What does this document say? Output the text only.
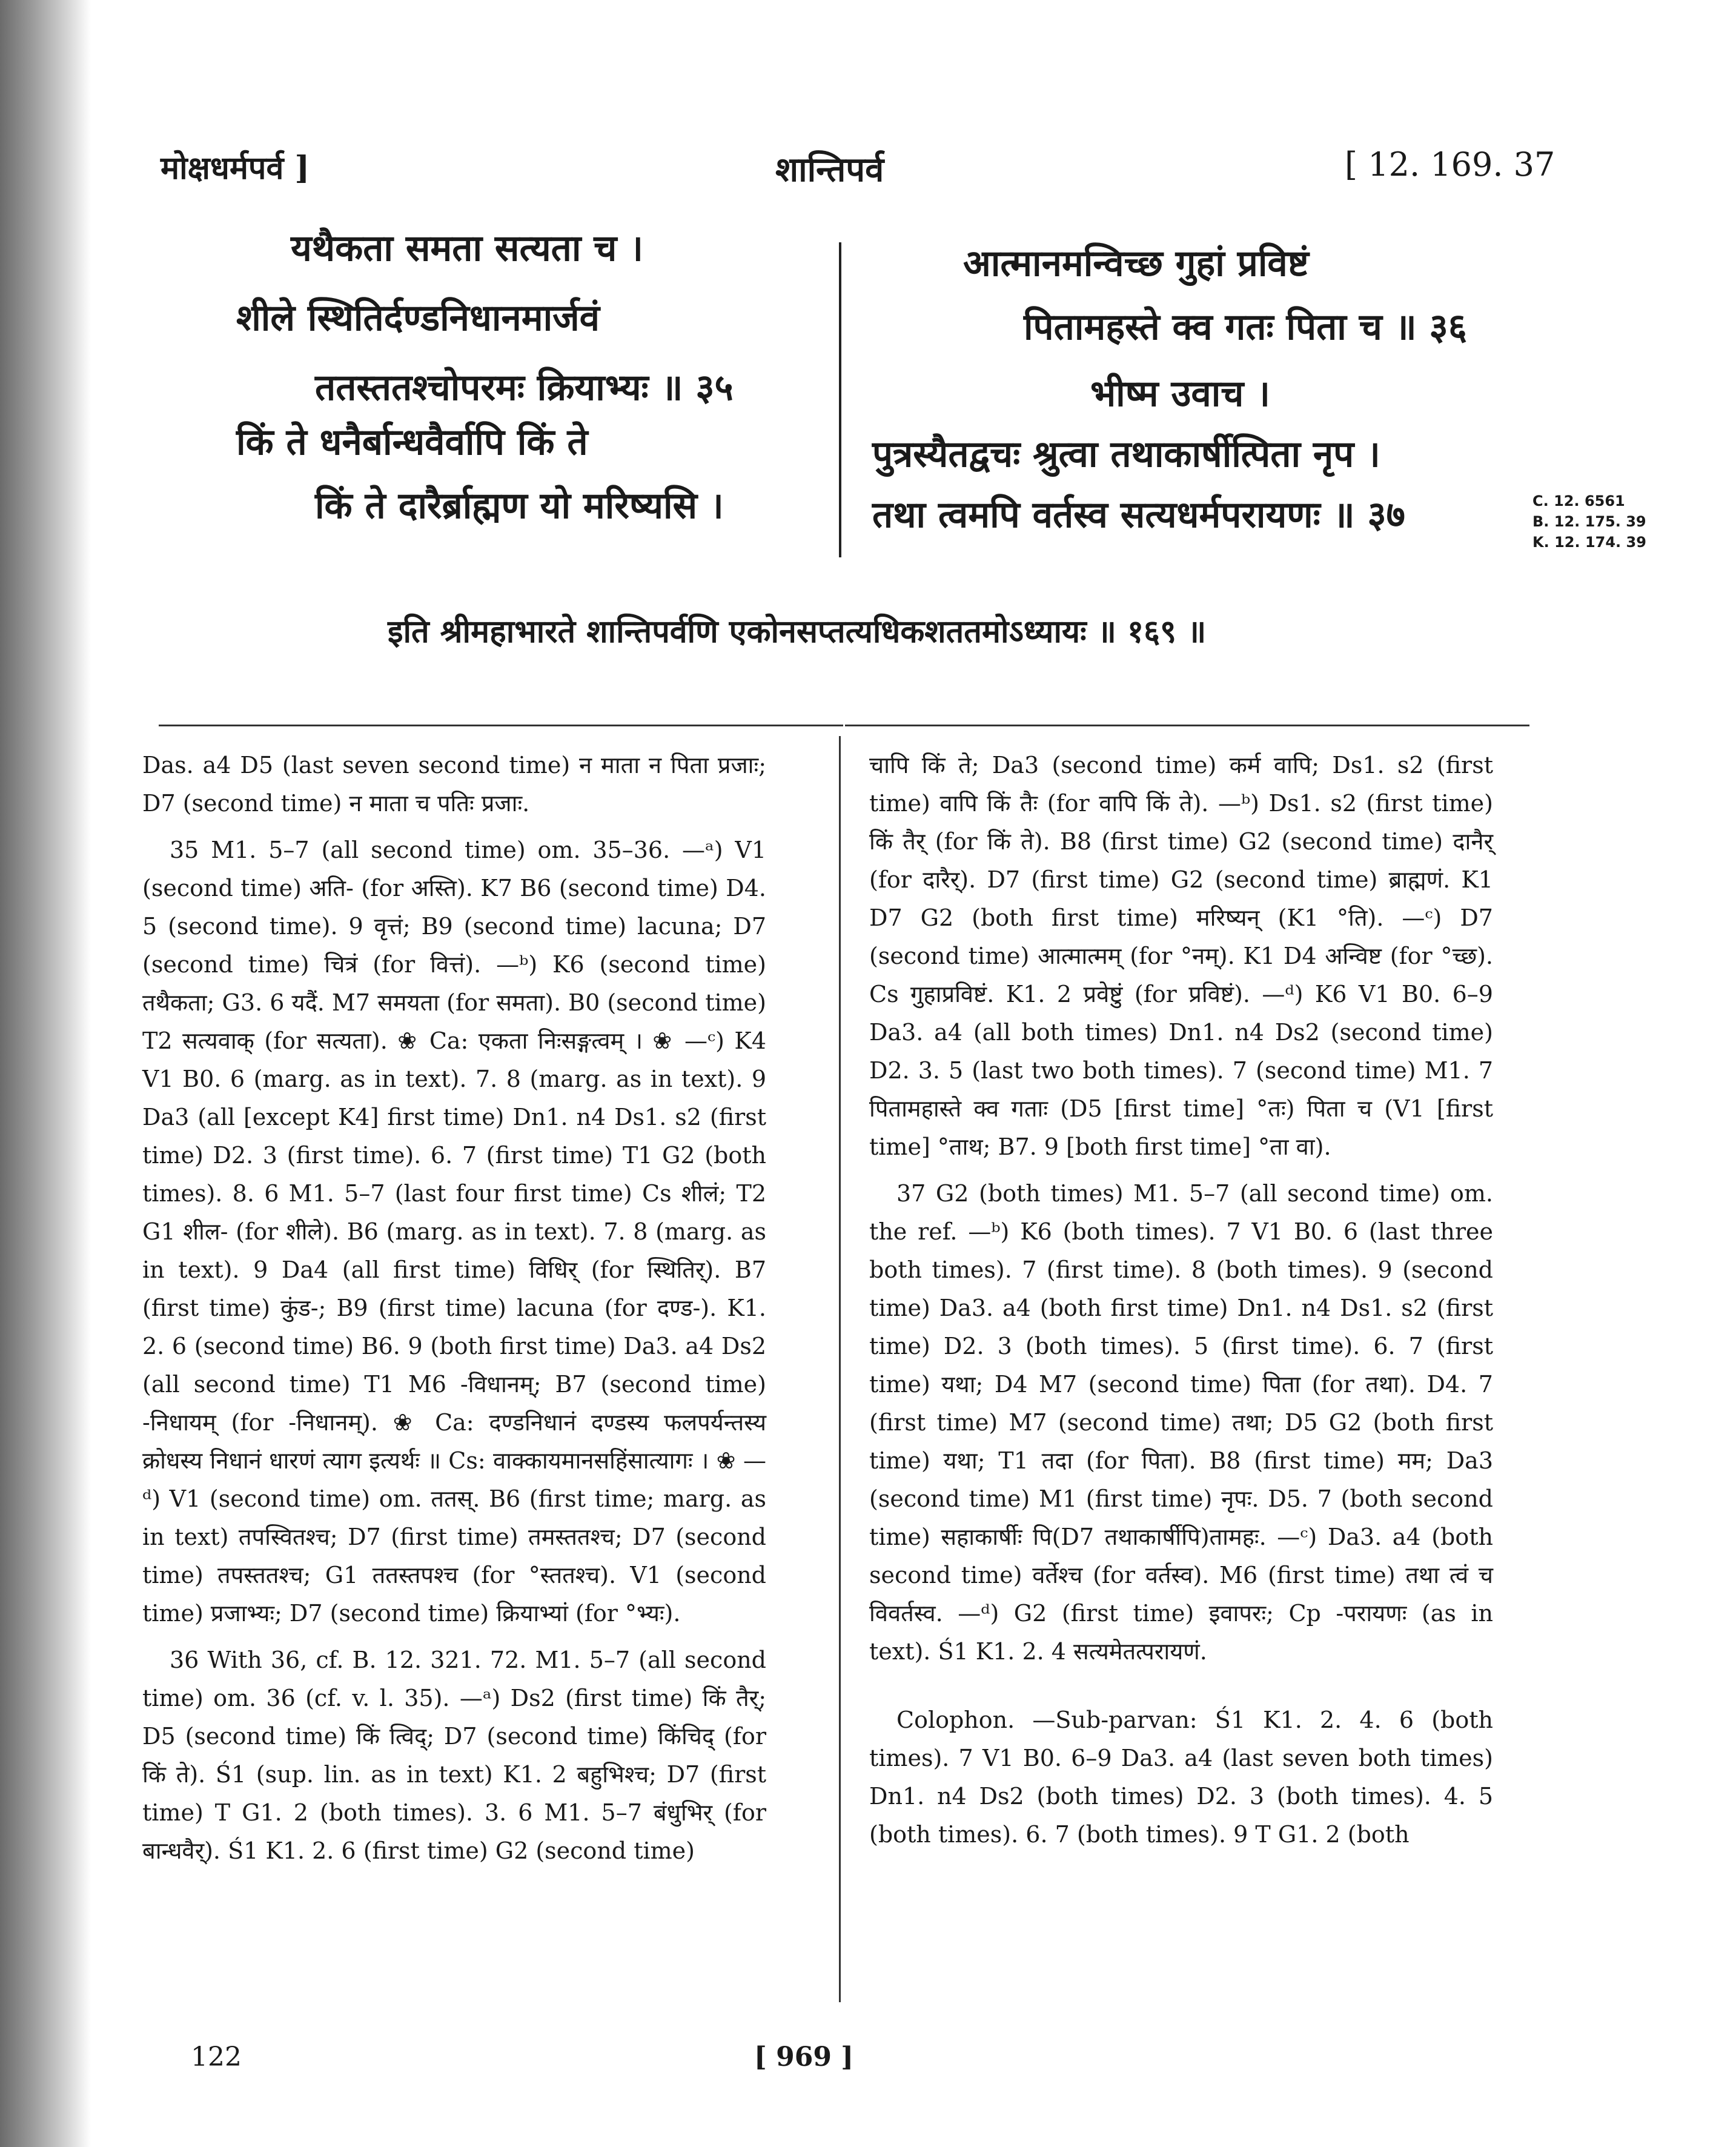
मोक्षधर्मपर्व ]	शान्तिपर्व	[ 12. 169. 37
यथैकता समता सत्यता च ।
शीले स्थितिर्दण्डनिधानमार्जवं
ततस्ततश्चोपरमः क्रियाभ्यः ॥ ३५
किं ते धनैर्बान्धवैर्वापि किं ते
किं ते दारैर्ब्राह्मण यो मरिष्यसि ।
आत्मानमन्विच्छ गुहां प्रविष्टं
पितामहस्ते क्व गतः पिता च ॥ ३६
भीष्म उवाच ।
पुत्रस्यैतद्वचः श्रुत्वा तथाकार्षीत्पिता नृप ।
तथा त्वमपि वर्तस्व सत्यधर्मपरायणः ॥ ३७	C. 12. 6561
B. 12. 175. 39
K. 12. 174. 39
इति श्रीमहाभारते शान्तिपर्वणि एकोनसप्तत्यधिकशततमोऽध्यायः ॥ १६९ ॥

Das. a4 D5 (last seven second time) न माता न पिता प्रजाः; D7 (second time) न माता च पतिः प्रजाः.

35 M1. 5–7 (all second time) om. 35–36. —ᵃ) V1 (second time) अति- (for अस्ति). K7 B6 (second time) D4. 5 (second time). 9 वृत्तं; B9 (second time) lacuna; D7 (second time) चित्रं (for वित्तं). —ᵇ) K6 (second time) तथैकता; G3. 6 यदैं. M7 समयता (for समता). B0 (second time) T2 सत्यवाक् (for सत्यता). ❀ Ca: एकता निःसङ्गत्वम् । ❀ —ᶜ) K4 V1 B0. 6 (marg. as in text). 7. 8 (marg. as in text). 9 Da3 (all [except K4] first time) Dn1. n4 Ds1. s2 (first time) D2. 3 (first time). 6. 7 (first time) T1 G2 (both times). 8. 6 M1. 5–7 (last four first time) Cs शीलं; T2 G1 शील- (for शीले). B6 (marg. as in text). 7. 8 (marg. as in text). 9 Da4 (all first time) विधिर् (for स्थितिर्). B7 (first time) कुंड-; B9 (first time) lacuna (for दण्ड-). K1. 2. 6 (second time) B6. 9 (both first time) Da3. a4 Ds2 (all second time) T1 M6 -विधानम्; B7 (second time) -निधायम् (for -निधानम्). ❀ Ca: दण्डनिधानं दण्डस्य फलपर्यन्तस्य क्रोधस्य निधानं धारणं त्याग इत्यर्थः ॥ Cs: वाक्कायमानसहिंसात्यागः । ❀ —ᵈ) V1 (second time) om. ततस्. B6 (first time; marg. as in text) तपस्वितश्च; D7 (first time) तमस्ततश्च; D7 (second time) तपस्ततश्च; G1 ततस्तपश्च (for °स्ततश्च). V1 (second time) प्रजाभ्यः; D7 (second time) क्रियाभ्यां (for °भ्यः).

36 With 36, cf. B. 12. 321. 72. M1. 5–7 (all second time) om. 36 (cf. v. l. 35). —ᵃ) Ds2 (first time) किं तैर्; D5 (second time) किं त्विद्; D7 (second time) किंचिद् (for किं ते). Ś1 (sup. lin. as in text) K1. 2 बहुभिश्च; D7 (first time) T G1. 2 (both times). 3. 6 M1. 5–7 बंधुभिर् (for बान्धवैर्). Ś1 K1. 2. 6 (first time) G2 (second time)

चापि किं ते; Da3 (second time) कर्म वापि; Ds1. s2 (first time) वापि किं तैः (for वापि किं ते). —ᵇ) Ds1. s2 (first time) किं तैर् (for किं ते). B8 (first time) G2 (second time) दानैर् (for दारैर्). D7 (first time) G2 (second time) ब्राह्मणं. K1 D7 G2 (both first time) मरिष्यन् (K1 °ति). —ᶜ) D7 (second time) आत्मात्मम् (for °नम्). K1 D4 अन्विष्ट (for °च्छ). Cs गुहाप्रविष्टं. K1. 2 प्रवेष्टुं (for प्रविष्टं). —ᵈ) K6 V1 B0. 6–9 Da3. a4 (all both times) Dn1. n4 Ds2 (second time) D2. 3. 5 (last two both times). 7 (second time) M1. 7 पितामहास्ते क्व गताः (D5 [first time] °तः) पिता च (V1 [first time] °ताथ; B7. 9 [both first time] °ता वा).

37 G2 (both times) M1. 5–7 (all second time) om. the ref. —ᵇ) K6 (both times). 7 V1 B0. 6 (last three both times). 7 (first time). 8 (both times). 9 (second time) Da3. a4 (both first time) Dn1. n4 Ds1. s2 (first time) D2. 3 (both times). 5 (first time). 6. 7 (first time) यथा; D4 M7 (second time) पिता (for तथा). D4. 7 (first time) M7 (second time) तथा; D5 G2 (both first time) यथा; T1 तदा (for पिता). B8 (first time) मम; Da3 (second time) M1 (first time) नृपः. D5. 7 (both second time) सहाकार्षीः पि(D7 तथाकार्षीपि)तामहः. —ᶜ) Da3. a4 (both second time) वर्तेश्च (for वर्तस्व). M6 (first time) तथा त्वं च विवर्तस्व. —ᵈ) G2 (first time) इवापरः; Cp -परायणः (as in text). Ś1 K1. 2. 4 सत्यमेतत्परायणं.

Colophon. —Sub-parvan: Ś1 K1. 2. 4. 6 (both times). 7 V1 B0. 6–9 Da3. a4 (last seven both times) Dn1. n4 Ds2 (both times) D2. 3 (both times). 4. 5 (both times). 6. 7 (both times). 9 T G1. 2 (both

122	[ 969 ]
